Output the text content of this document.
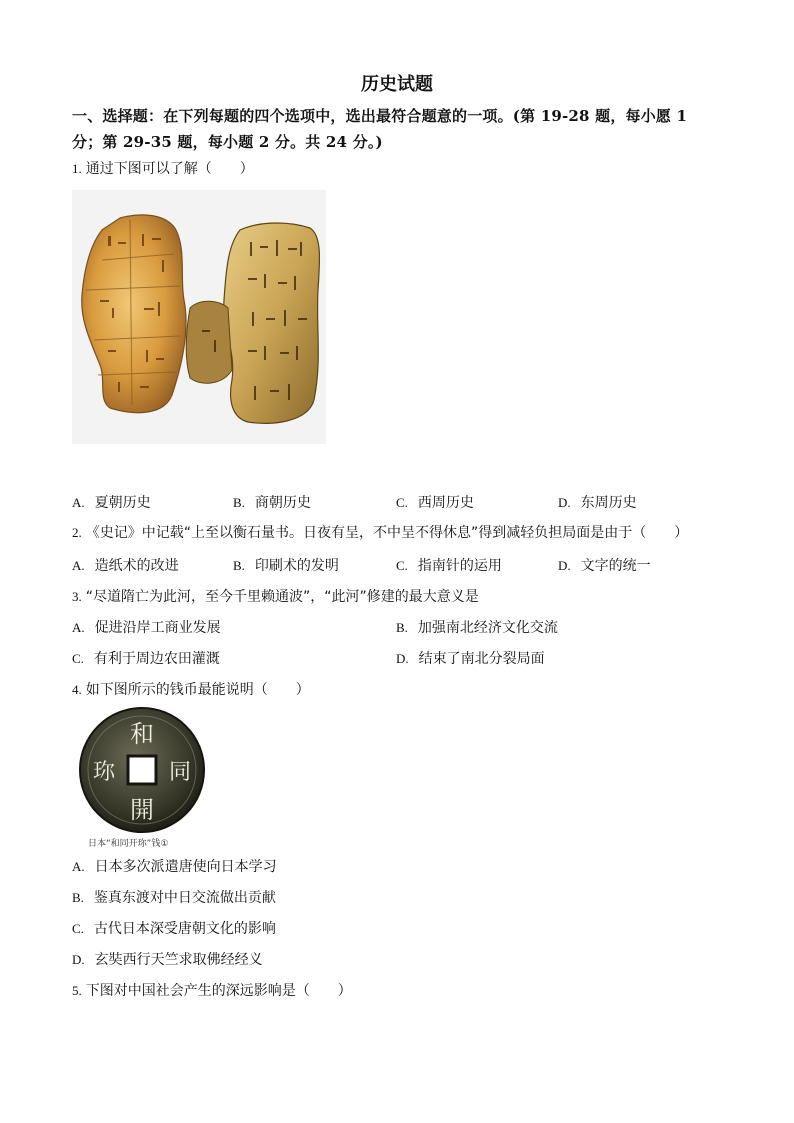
历史试题
一、选择题：在下列每题的四个选项中，选出最符合题意的一项。(第 19-28 题，每小愿 1
分；第 29-35 题，每小题 2 分。共 24 分。)
1. 通过下图可以了解（　　）
A. 夏朝历史	B. 商朝历史	C. 西周历史	D. 东周历史
2. 《史记》中记载“上至以衡石量书。日夜有呈，不中呈不得休息”得到减轻负担局面是由于（　　）
A. 造纸术的改进	B. 印刷术的发明	C. 指南针的运用	D. 文字的统一
3. “尽道隋亡为此河，至今千里赖通波”，“此河”修建的最大意义是
A. 促进沿岸工商业发展	B. 加强南北经济文化交流
C. 有利于周边农田灌溉	D. 结束了南北分裂局面
4. 如下图所示的钱币最能说明（　　）
和
同
開
珎
日本“和同开珎”钱①
A. 日本多次派遣唐使向日本学习
B. 鉴真东渡对中日交流做出贡献
C. 古代日本深受唐朝文化的影响
D. 玄奘西行天竺求取佛经经义
5. 下图对中国社会产生的深远影响是（　　）
